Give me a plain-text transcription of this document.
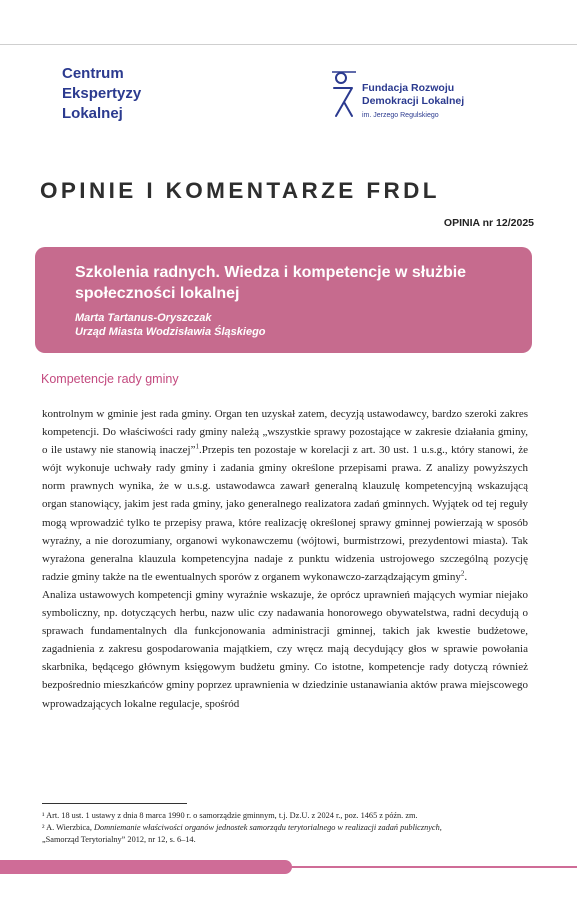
Centrum
Ekspertyzy
Lokalnej
Fundacja Rozwoju
Demokracji Lokalnej
im. Jerzego Regulskiego
OPINIE I KOMENTARZE FRDL
OPINIA nr 12/2025
Szkolenia radnych. Wiedza i kompetencje w służbie społeczności lokalnej
Marta Tartanus-Oryszczak
Urząd Miasta Wodzisławia Śląskiego
Kompetencje rady gminy

kontrolnym w gminie jest rada gminy. Organ ten uzyskał zatem, decyzją ustawodawcy, bardzo szeroki zakres kompetencji. Do właściwości rady gminy należą „wszystkie sprawy pozostające w zakresie działania gminy, o ile ustawy nie stanowią inaczej”$^1$.Przepis ten pozostaje w korelacji z art. 30 ust. 1 u.s.g., który stanowi, że wójt wykonuje uchwały rady gminy i zadania gminy określone przepisami prawa. Z analizy powyższych norm prawnych wynika, że w u.s.g. ustawodawca zawarł generalną klauzulę kompetencyjną wskazującą organ stanowiący, jakim jest rada gminy, jako generalnego realizatora zadań gminnych. Wyjątek od tej reguły mogą wprowadzić tylko te przepisy prawa, które realizację określonej sprawy gminnej powierzają w sposób wyraźny, a nie dorozumiany, organowi wykonawczemu (wójtowi, burmistrzowi, prezydentowi miasta). Tak wyrażona generalna klauzula kompetencyjna nadaje z punktu widzenia ustrojowego szczególną pozycję radzie gminy także na tle ewentualnych sporów z organem wykonawczo-zarządzającym gminy$^2$.

Analiza ustawowych kompetencji gminy wyraźnie wskazuje, że oprócz uprawnień mających wymiar niejako symboliczny, np. dotyczących herbu, nazw ulic czy nadawania honorowego obywatelstwa, radni decydują o sprawach fundamentalnych dla funkcjonowania administracji gminnej, takich jak kwestie budżetowe, zagadnienia z zakresu gospodarowania majątkiem, czy wręcz mają decydujący głos w sprawie powołania skarbnika, będącego głównym księgowym budżetu gminy. Co istotne, kompetencje rady dotyczą również bezpośrednio mieszkańców gminy poprzez uprawnienia w dziedzinie ustanawiania aktów prawa miejscowego wprowadzających lokalne regulacje, spośród

¹ Art. 18 ust. 1 ustawy z dnia 8 marca 1990 r. o samorządzie gminnym, t.j. Dz.U. z 2024 r., poz. 1465 z późn. zm.

² A. Wierzbica, Domniemanie właściwości organów jednostek samorządu terytorialnego w realizacji zadań publicznych,

„Samorząd Terytorialny” 2012, nr 12, s. 6–14.
